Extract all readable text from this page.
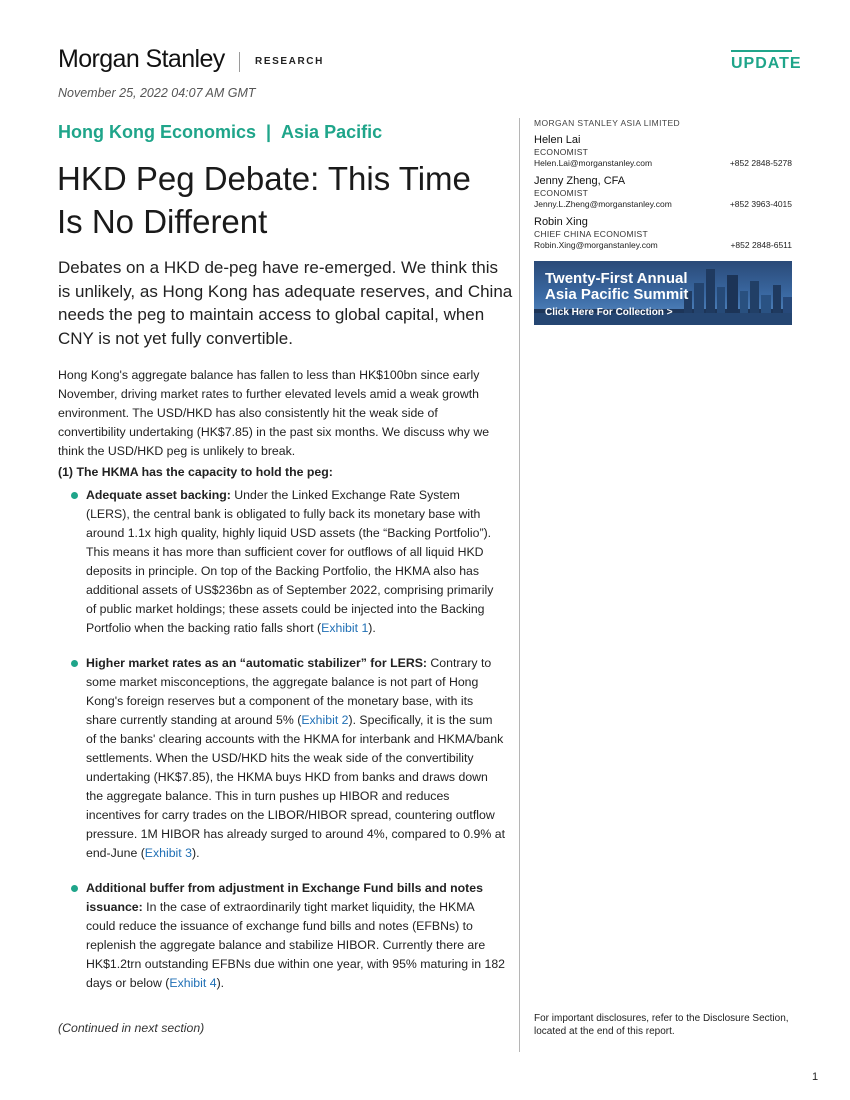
Morgan Stanley	RESEARCH	UPDATE
November 25, 2022 04:07 AM GMT
Hong Kong Economics | Asia Pacific
HKD Peg Debate: This Time Is No Different

Debates on a HKD de-peg have re-emerged. We think this is unlikely, as Hong Kong has adequate reserves, and China needs the peg to maintain access to global capital, when CNY is not yet fully convertible.

Hong Kong's aggregate balance has fallen to less than HK$100bn since early November, driving market rates to further elevated levels amid a weak growth environment. The USD/HKD has also consistently hit the weak side of convertibility undertaking (HK$7.85) in the past six months. We discuss why we think the USD/HKD peg is unlikely to break.

(1) The HKMA has the capacity to hold the peg:

Adequate asset backing: Under the Linked Exchange Rate System (LERS), the central bank is obligated to fully back its monetary base with around 1.1x high quality, highly liquid USD assets (the “Backing Portfolio”). This means it has more than sufficient cover for outflows of all liquid HKD deposits in principle. On top of the Backing Portfolio, the HKMA also has additional assets of US$236bn as of September 2022, comprising primarily of public market holdings; these assets could be injected into the Backing Portfolio when the backing ratio falls short (Exhibit 1).
Higher market rates as an “automatic stabilizer” for LERS: Contrary to some market misconceptions, the aggregate balance is not part of Hong Kong's foreign reserves but a component of the monetary base, with its share currently standing at around 5% (Exhibit 2). Specifically, it is the sum of the banks' clearing accounts with the HKMA for interbank and HKMA/bank settlements. When the USD/HKD hits the weak side of the convertibility undertaking (HK$7.85), the HKMA buys HKD from banks and draws down the aggregate balance. This in turn pushes up HIBOR and reduces incentives for carry trades on the LIBOR/HIBOR spread, countering outflow pressure. 1M HIBOR has already surged to around 4%, compared to 0.9% at end-June (Exhibit 3).
Additional buffer from adjustment in Exchange Fund bills and notes issuance: In the case of extraordinarily tight market liquidity, the HKMA could reduce the issuance of exchange fund bills and notes (EFBNs) to replenish the aggregate balance and stabilize HIBOR. Currently there are HK$1.2trn outstanding EFBNs due within one year, with 95% maturing in 182 days or below (Exhibit 4).
(Continued in next section)
MORGAN STANLEY ASIA LIMITED
Helen Lai
ECONOMIST
Helen.Lai@morganstanley.com	+852 2848-5278
Jenny Zheng, CFA
ECONOMIST
Jenny.L.Zheng@morganstanley.com	+852 3963-4015
Robin Xing
CHIEF CHINA ECONOMIST
Robin.Xing@morganstanley.com	+852 2848-6511
Twenty-First Annual
Asia Pacific Summit
Click Here For Collection >
For important disclosures, refer to the Disclosure Section, located at the end of this report.
1
